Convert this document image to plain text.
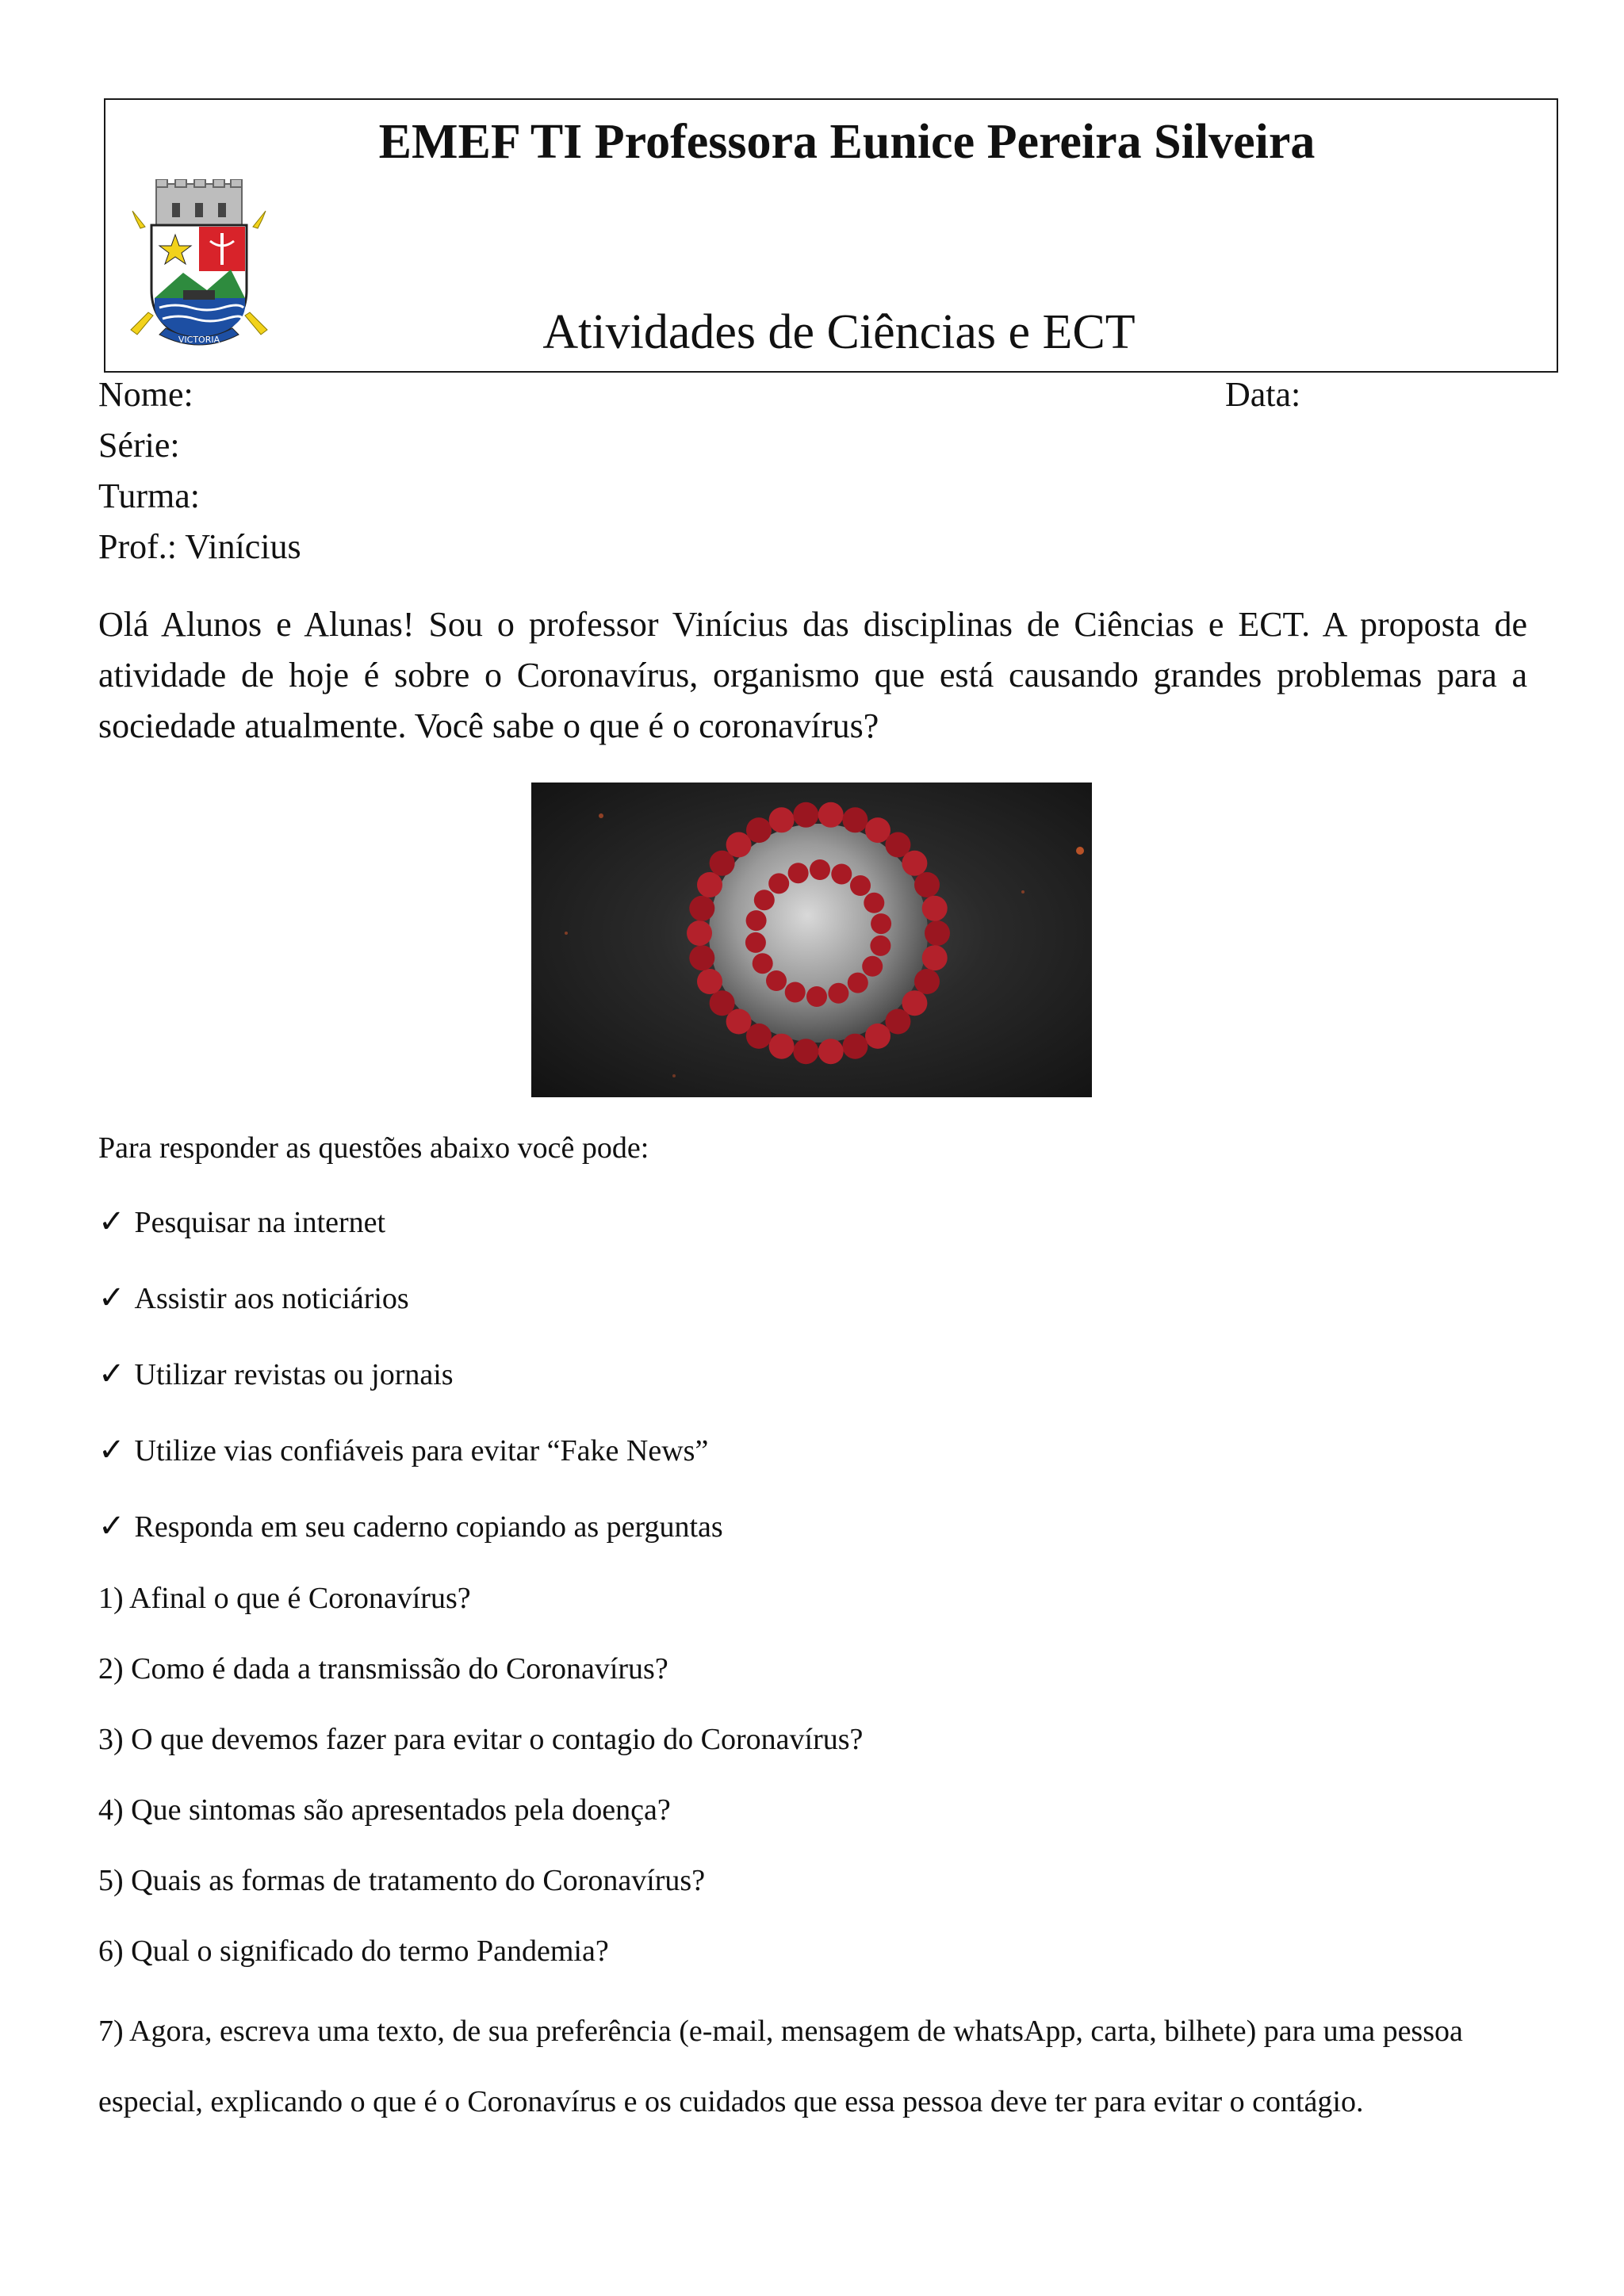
VICTORIA
EMEF TI Professora Eunice Pereira Silveira
Atividades de Ciências e ECT
Nome:	Data:
Série:
Turma:
Prof.: Vinícius
Olá Alunos e Alunas! Sou o professor Vinícius das disciplinas de Ciências e ECT. A proposta de atividade de hoje é sobre o Coronavírus, organismo que está causando grandes problemas para a sociedade atualmente. Você sabe o que é o coronavírus?
Para responder as questões abaixo você pode:
✓ Pesquisar na internet
✓ Assistir aos noticiários
✓ Utilizar revistas ou jornais
✓ Utilize vias confiáveis para evitar “Fake News”
✓ Responda em seu caderno copiando as perguntas
1) Afinal o que é Coronavírus?
2) Como é dada a transmissão do Coronavírus?
3) O que devemos fazer para evitar o contagio do Coronavírus?
4) Que sintomas são apresentados pela doença?
5) Quais as formas de tratamento do Coronavírus?
6) Qual o significado do termo Pandemia?
7) Agora, escreva uma texto, de sua preferência (e-mail, mensagem de whatsApp, carta, bilhete) para uma pessoa especial, explicando o que é o Coronavírus e os cuidados que essa pessoa deve ter para evitar o contágio.
